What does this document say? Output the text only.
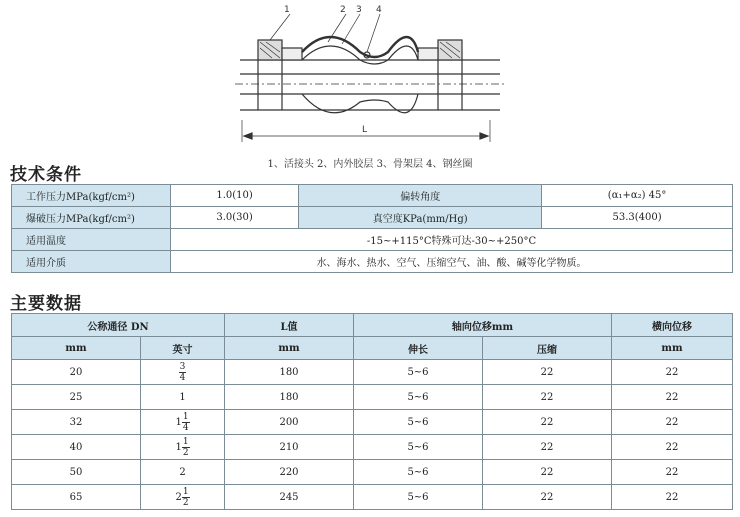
1	2 3 4
L
1、活接头 2、内外胶层 3、骨架层 4、钢丝圈
技术条件
工作压力MPa(kgf/cm²)	1.0(10)	偏转角度	(α₁+α₂) 45°
爆破压力MPa(kgf/cm²)	3.0(30)	真空度KPa(mm/Hg)	53.3(400)
适用温度	-15~+115°C特殊可达-30~+250°C		
适用介质	水、海水、热水、空气、压缩空气、油、酸、碱等化学物质。		
主要数据
公称通径 DN		L值	轴向位移mm		横向位移
mm	英寸	mm	伸长	压缩	mm
20	$\frac{3}{4}$	180	5~6	22	22
25	1	180	5~6	22	22
32	$1 \frac{1}{4}$	200	5~6	22	22
40	$1 \frac{1}{2}$	210	5~6	22	22
50	2	220	5~6	22	22
65	$2 \frac{1}{2}$	245	5~6	22	22
